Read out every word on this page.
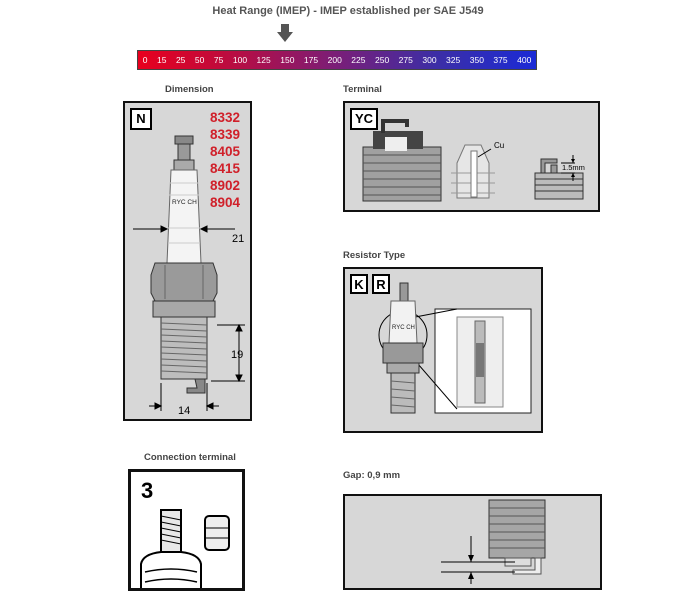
Heat Range (IMEP) - IMEP established per SAE J549
0	15	25	50	75	100	125	150	175	200	225	250	275	300	325	350	375	400
Dimension	Terminal
Resistor Type
Connection terminal
Gap: 0,9 mm
N	8332
8339
8405
8415
8902
8904
RYC CH
21
19
14
YC
Cu
1.5mm
K R
RYC CH
3
